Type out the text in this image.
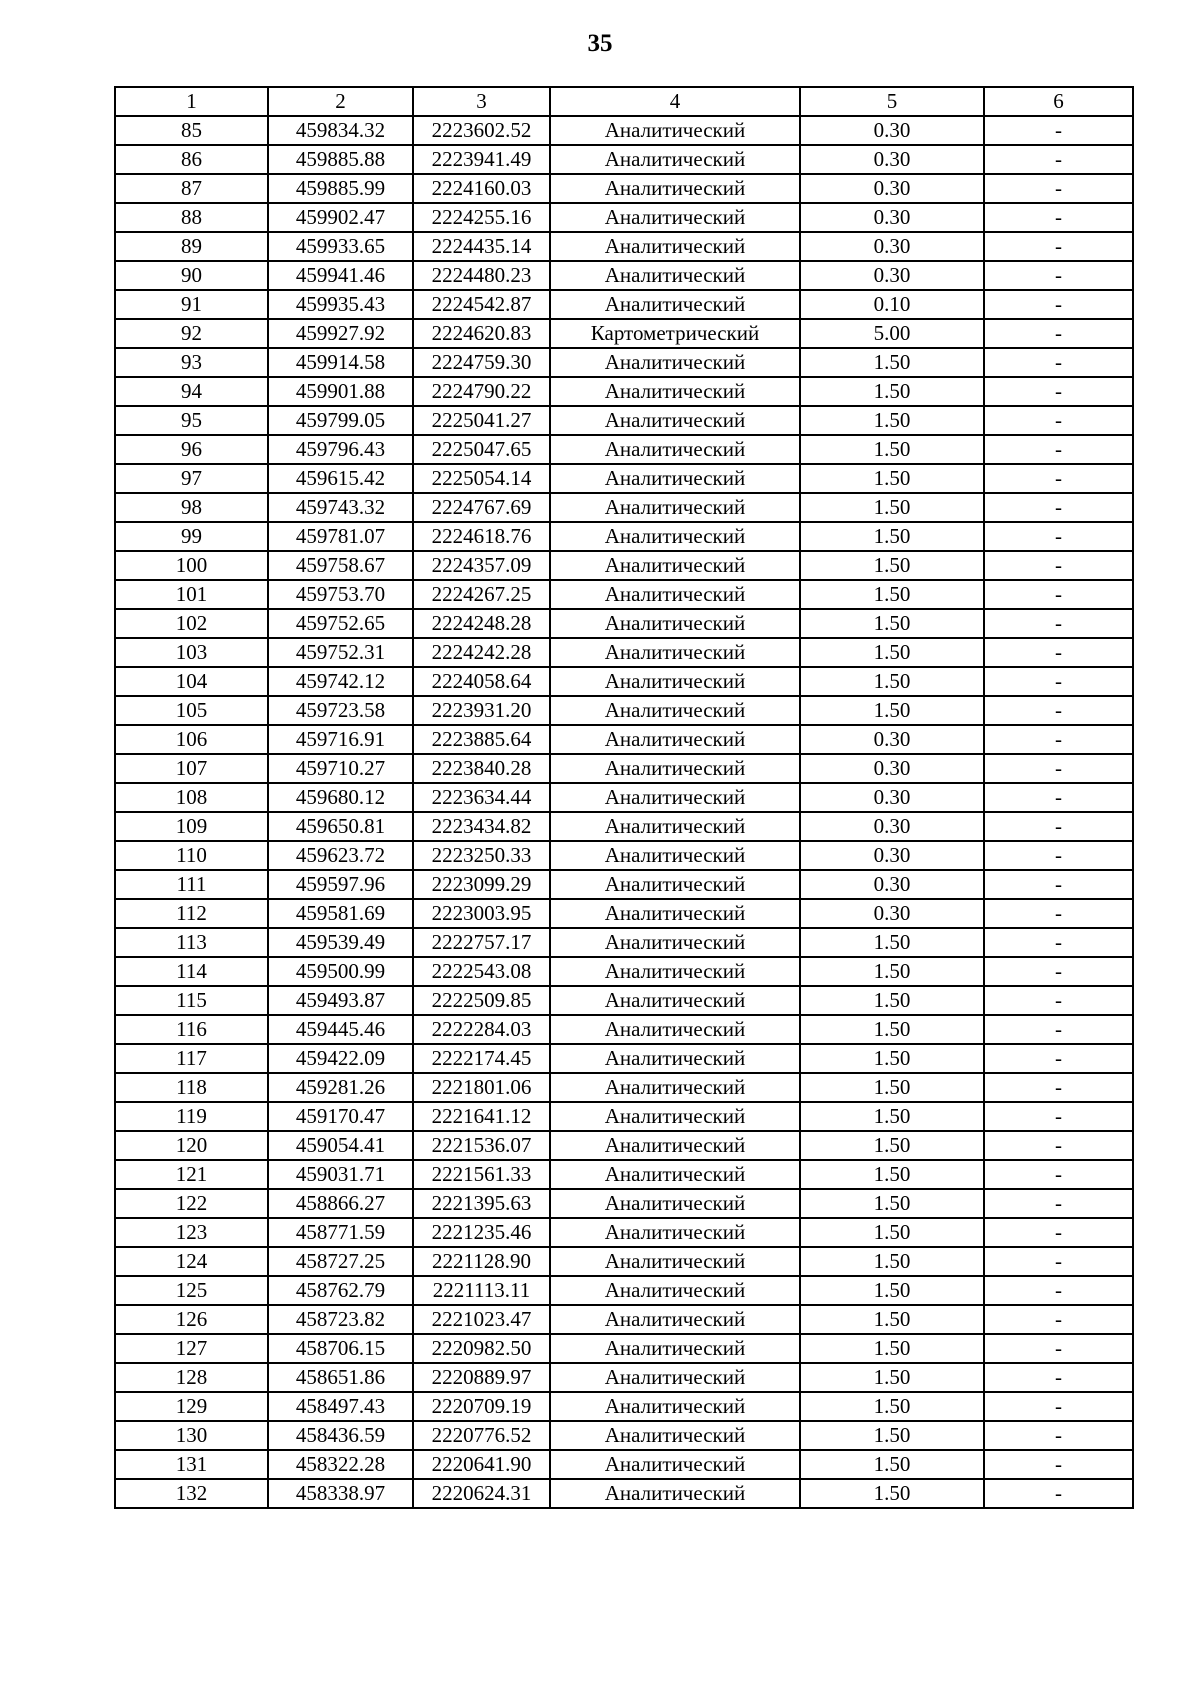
35
1	2	3	4	5	6
85	459834.32	2223602.52	Аналитический	0.30	-
86	459885.88	2223941.49	Аналитический	0.30	-
87	459885.99	2224160.03	Аналитический	0.30	-
88	459902.47	2224255.16	Аналитический	0.30	-
89	459933.65	2224435.14	Аналитический	0.30	-
90	459941.46	2224480.23	Аналитический	0.30	-
91	459935.43	2224542.87	Аналитический	0.10	-
92	459927.92	2224620.83	Картометрический	5.00	-
93	459914.58	2224759.30	Аналитический	1.50	-
94	459901.88	2224790.22	Аналитический	1.50	-
95	459799.05	2225041.27	Аналитический	1.50	-
96	459796.43	2225047.65	Аналитический	1.50	-
97	459615.42	2225054.14	Аналитический	1.50	-
98	459743.32	2224767.69	Аналитический	1.50	-
99	459781.07	2224618.76	Аналитический	1.50	-
100	459758.67	2224357.09	Аналитический	1.50	-
101	459753.70	2224267.25	Аналитический	1.50	-
102	459752.65	2224248.28	Аналитический	1.50	-
103	459752.31	2224242.28	Аналитический	1.50	-
104	459742.12	2224058.64	Аналитический	1.50	-
105	459723.58	2223931.20	Аналитический	1.50	-
106	459716.91	2223885.64	Аналитический	0.30	-
107	459710.27	2223840.28	Аналитический	0.30	-
108	459680.12	2223634.44	Аналитический	0.30	-
109	459650.81	2223434.82	Аналитический	0.30	-
110	459623.72	2223250.33	Аналитический	0.30	-
111	459597.96	2223099.29	Аналитический	0.30	-
112	459581.69	2223003.95	Аналитический	0.30	-
113	459539.49	2222757.17	Аналитический	1.50	-
114	459500.99	2222543.08	Аналитический	1.50	-
115	459493.87	2222509.85	Аналитический	1.50	-
116	459445.46	2222284.03	Аналитический	1.50	-
117	459422.09	2222174.45	Аналитический	1.50	-
118	459281.26	2221801.06	Аналитический	1.50	-
119	459170.47	2221641.12	Аналитический	1.50	-
120	459054.41	2221536.07	Аналитический	1.50	-
121	459031.71	2221561.33	Аналитический	1.50	-
122	458866.27	2221395.63	Аналитический	1.50	-
123	458771.59	2221235.46	Аналитический	1.50	-
124	458727.25	2221128.90	Аналитический	1.50	-
125	458762.79	2221113.11	Аналитический	1.50	-
126	458723.82	2221023.47	Аналитический	1.50	-
127	458706.15	2220982.50	Аналитический	1.50	-
128	458651.86	2220889.97	Аналитический	1.50	-
129	458497.43	2220709.19	Аналитический	1.50	-
130	458436.59	2220776.52	Аналитический	1.50	-
131	458322.28	2220641.90	Аналитический	1.50	-
132	458338.97	2220624.31	Аналитический	1.50	-
